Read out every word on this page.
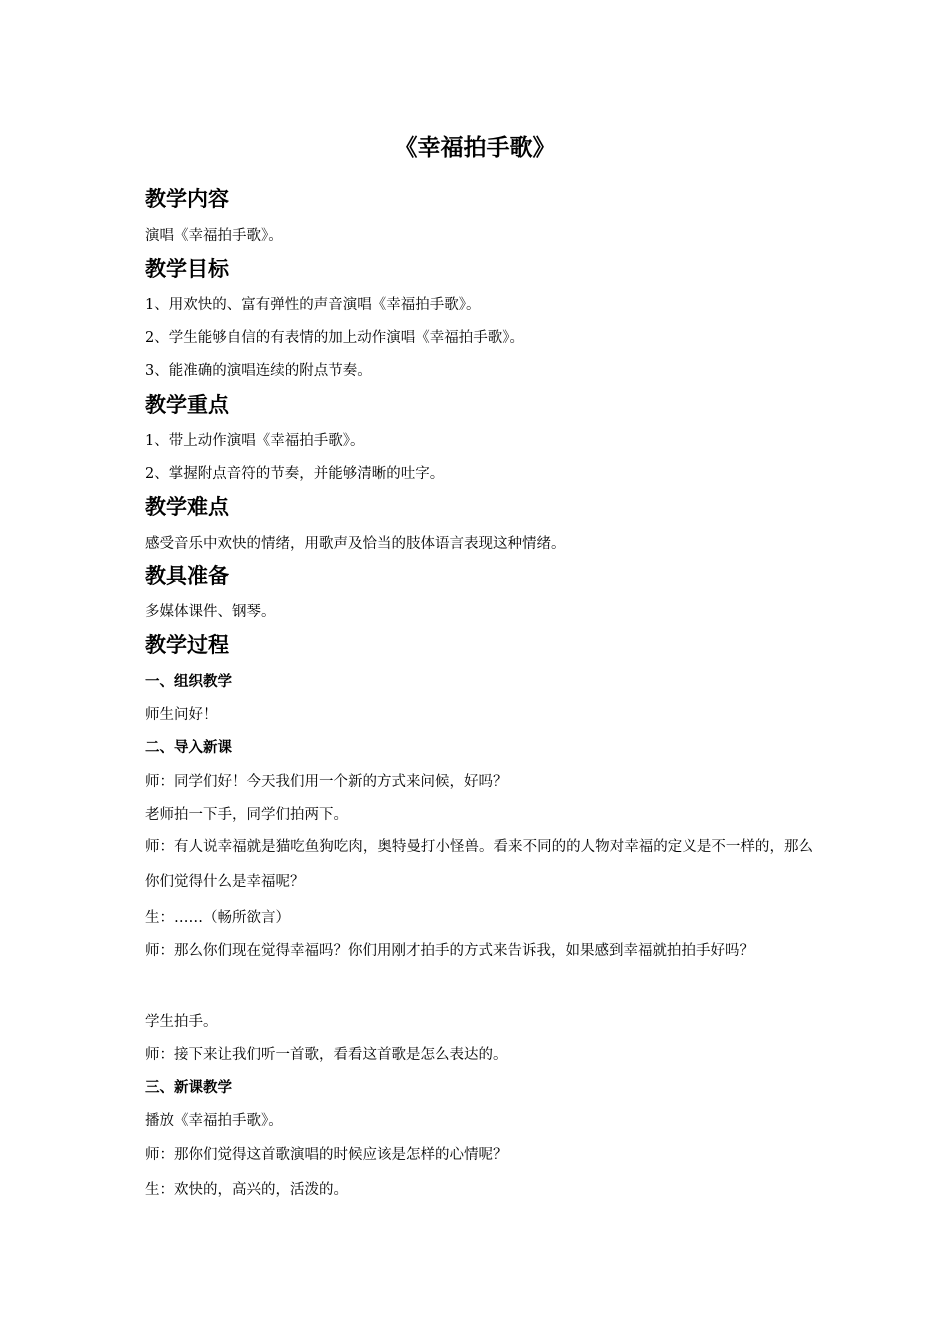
《幸福拍手歌》
教学内容

演唱《幸福拍手歌》。

教学目标

1、用欢快的、富有弹性的声音演唱《幸福拍手歌》。

2、学生能够自信的有表情的加上动作演唱《幸福拍手歌》。

3、能准确的演唱连续的附点节奏。

教学重点

1、带上动作演唱《幸福拍手歌》。

2、掌握附点音符的节奏，并能够清晰的吐字。

教学难点

感受音乐中欢快的情绪，用歌声及恰当的肢体语言表现这种情绪。

教具准备

多媒体课件、钢琴。

教学过程
一、组织教学

师生问好！

二、导入新课

师：同学们好！今天我们用一个新的方式来问候，好吗？

老师拍一下手，同学们拍两下。

师：有人说幸福就是猫吃鱼狗吃肉，奥特曼打小怪兽。看来不同的的人物对幸福的定义是不一样的，那么你们觉得什么是幸福呢？

生：……（畅所欲言）

师：那么你们现在觉得幸福吗？你们用刚才拍手的方式来告诉我，如果感到幸福就拍拍手好吗？

学生拍手。

师：接下来让我们听一首歌，看看这首歌是怎么表达的。

三、新课教学

播放《幸福拍手歌》。

师：那你们觉得这首歌演唱的时候应该是怎样的心情呢？

生：欢快的，高兴的，活泼的。
